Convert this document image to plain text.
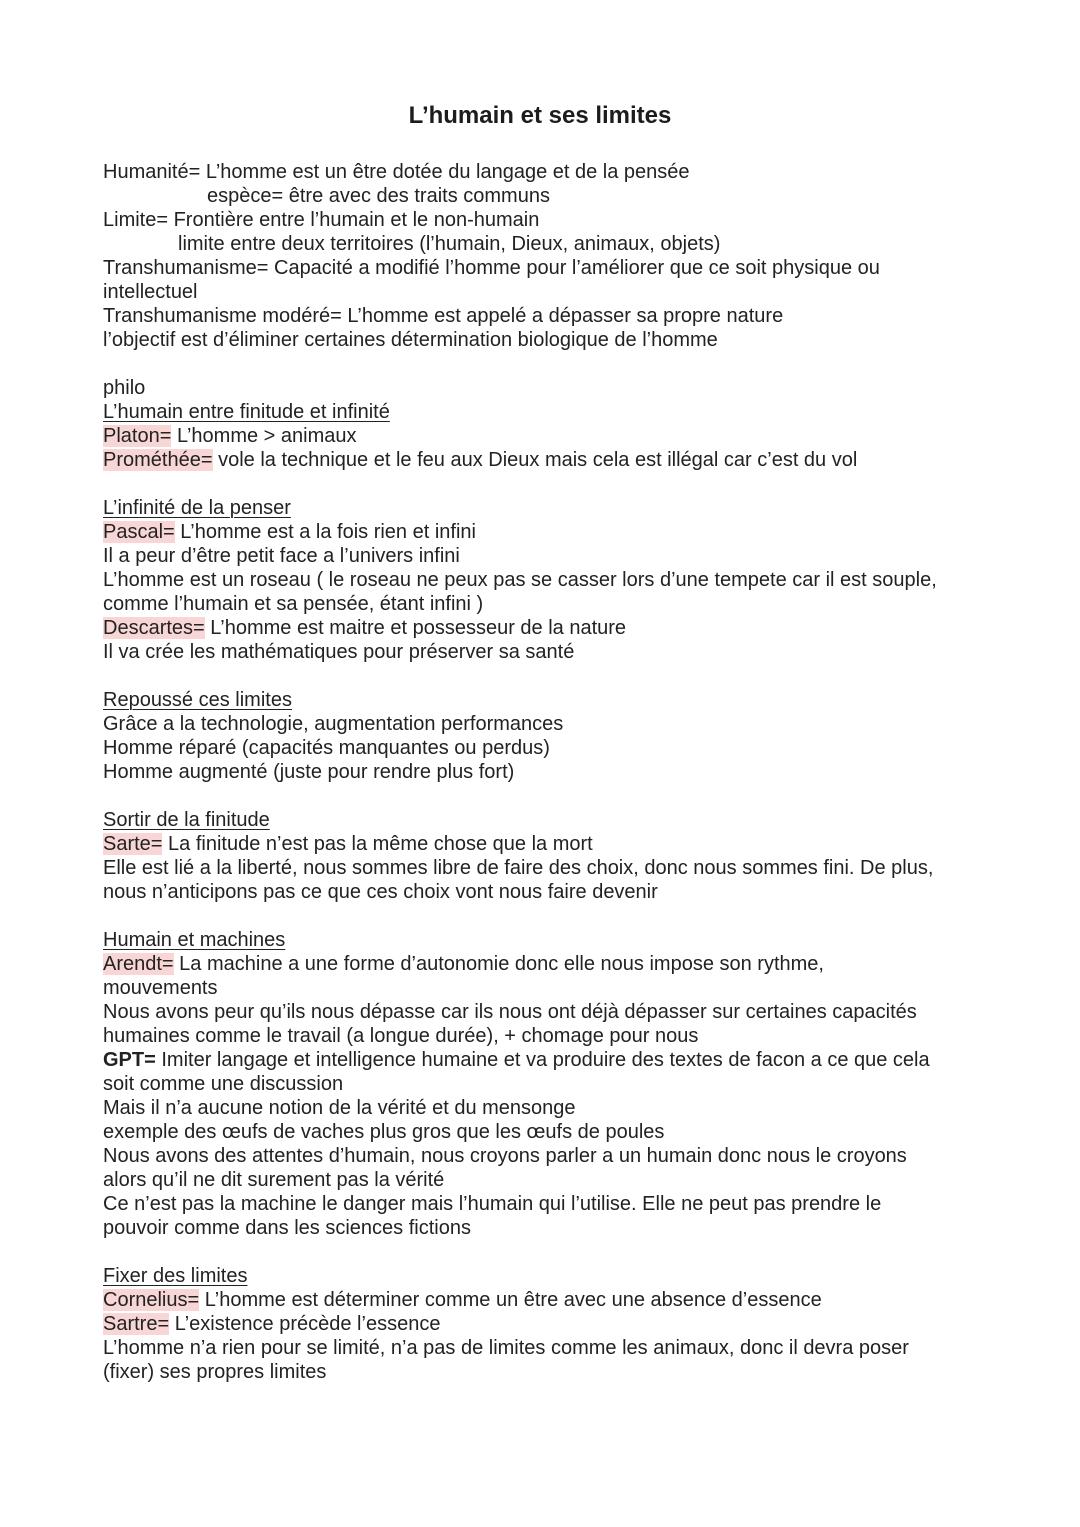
L’humain et ses limites
Humanité= L’homme est un être dotée du langage et de la pensée
espèce= être avec des traits communs
Limite= Frontière entre l’humain et le non-humain
limite entre deux territoires (l’humain, Dieux, animaux, objets)
Transhumanisme= Capacité a modifié l’homme pour l’améliorer que ce soit physique ou
intellectuel
Transhumanisme modéré= L’homme est appelé a dépasser sa propre nature
l’objectif est d’éliminer certaines détermination biologique de l’homme
philo
L’humain entre finitude et infinité
Platon= L’homme > animaux
Prométhée= vole la technique et le feu aux Dieux mais cela est illégal car c’est du vol
L’infinité de la penser
Pascal= L’homme est a la fois rien et infini
Il a peur d’être petit face a l’univers infini
L’homme est un roseau ( le roseau ne peux pas se casser lors d’une tempete car il est souple,
comme l’humain et sa pensée, étant infini )
Descartes= L’homme est maitre et possesseur de la nature
Il va crée les mathématiques pour préserver sa santé
Repoussé ces limites
Grâce a la technologie, augmentation performances
Homme réparé (capacités manquantes ou perdus)
Homme augmenté (juste pour rendre plus fort)
Sortir de la finitude
Sarte= La finitude n’est pas la même chose que la mort
Elle est lié a la liberté, nous sommes libre de faire des choix, donc nous sommes fini. De plus,
nous n’anticipons pas ce que ces choix vont nous faire devenir
Humain et machines
Arendt= La machine a une forme d’autonomie donc elle nous impose son rythme,
mouvements
Nous avons peur qu’ils nous dépasse car ils nous ont déjà dépasser sur certaines capacités
humaines comme le travail (a longue durée), + chomage pour nous
GPT= Imiter langage et intelligence humaine et va produire des textes de facon a ce que cela
soit comme une discussion
Mais il n’a aucune notion de la vérité et du mensonge
exemple des œufs de vaches plus gros que les œufs de poules
Nous avons des attentes d’humain, nous croyons parler a un humain donc nous le croyons
alors qu’il ne dit surement pas la vérité
Ce n’est pas la machine le danger mais l’humain qui l’utilise. Elle ne peut pas prendre le
pouvoir comme dans les sciences fictions
Fixer des limites
Cornelius= L’homme est déterminer comme un être avec une absence d’essence
Sartre= L’existence précède l’essence
L’homme n’a rien pour se limité, n’a pas de limites comme les animaux, donc il devra poser
(fixer) ses propres limites
